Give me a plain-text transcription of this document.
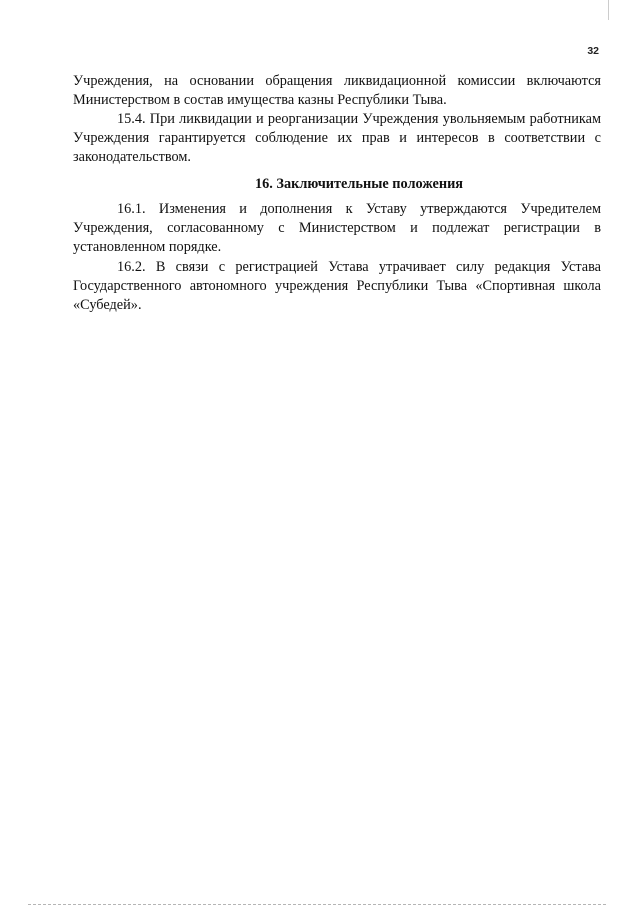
32

Учреждения, на основании обращения ликвидационной комиссии включаются Министерством в состав имущества казны Республики Тыва.

15.4. При ликвидации и реорганизации Учреждения увольняемым работникам Учреждения гарантируется соблюдение их прав и интересов в соответствии с законодательством.

16. Заключительные положения

16.1. Изменения и дополнения к Уставу утверждаются Учредителем Учреждения, согласованному с Министерством и подлежат регистрации в установленном порядке.

16.2. В связи с регистрацией Устава утрачивает силу редакция Устава Государственного автономного учреждения Республики Тыва «Спортивная школа «Субедей».
